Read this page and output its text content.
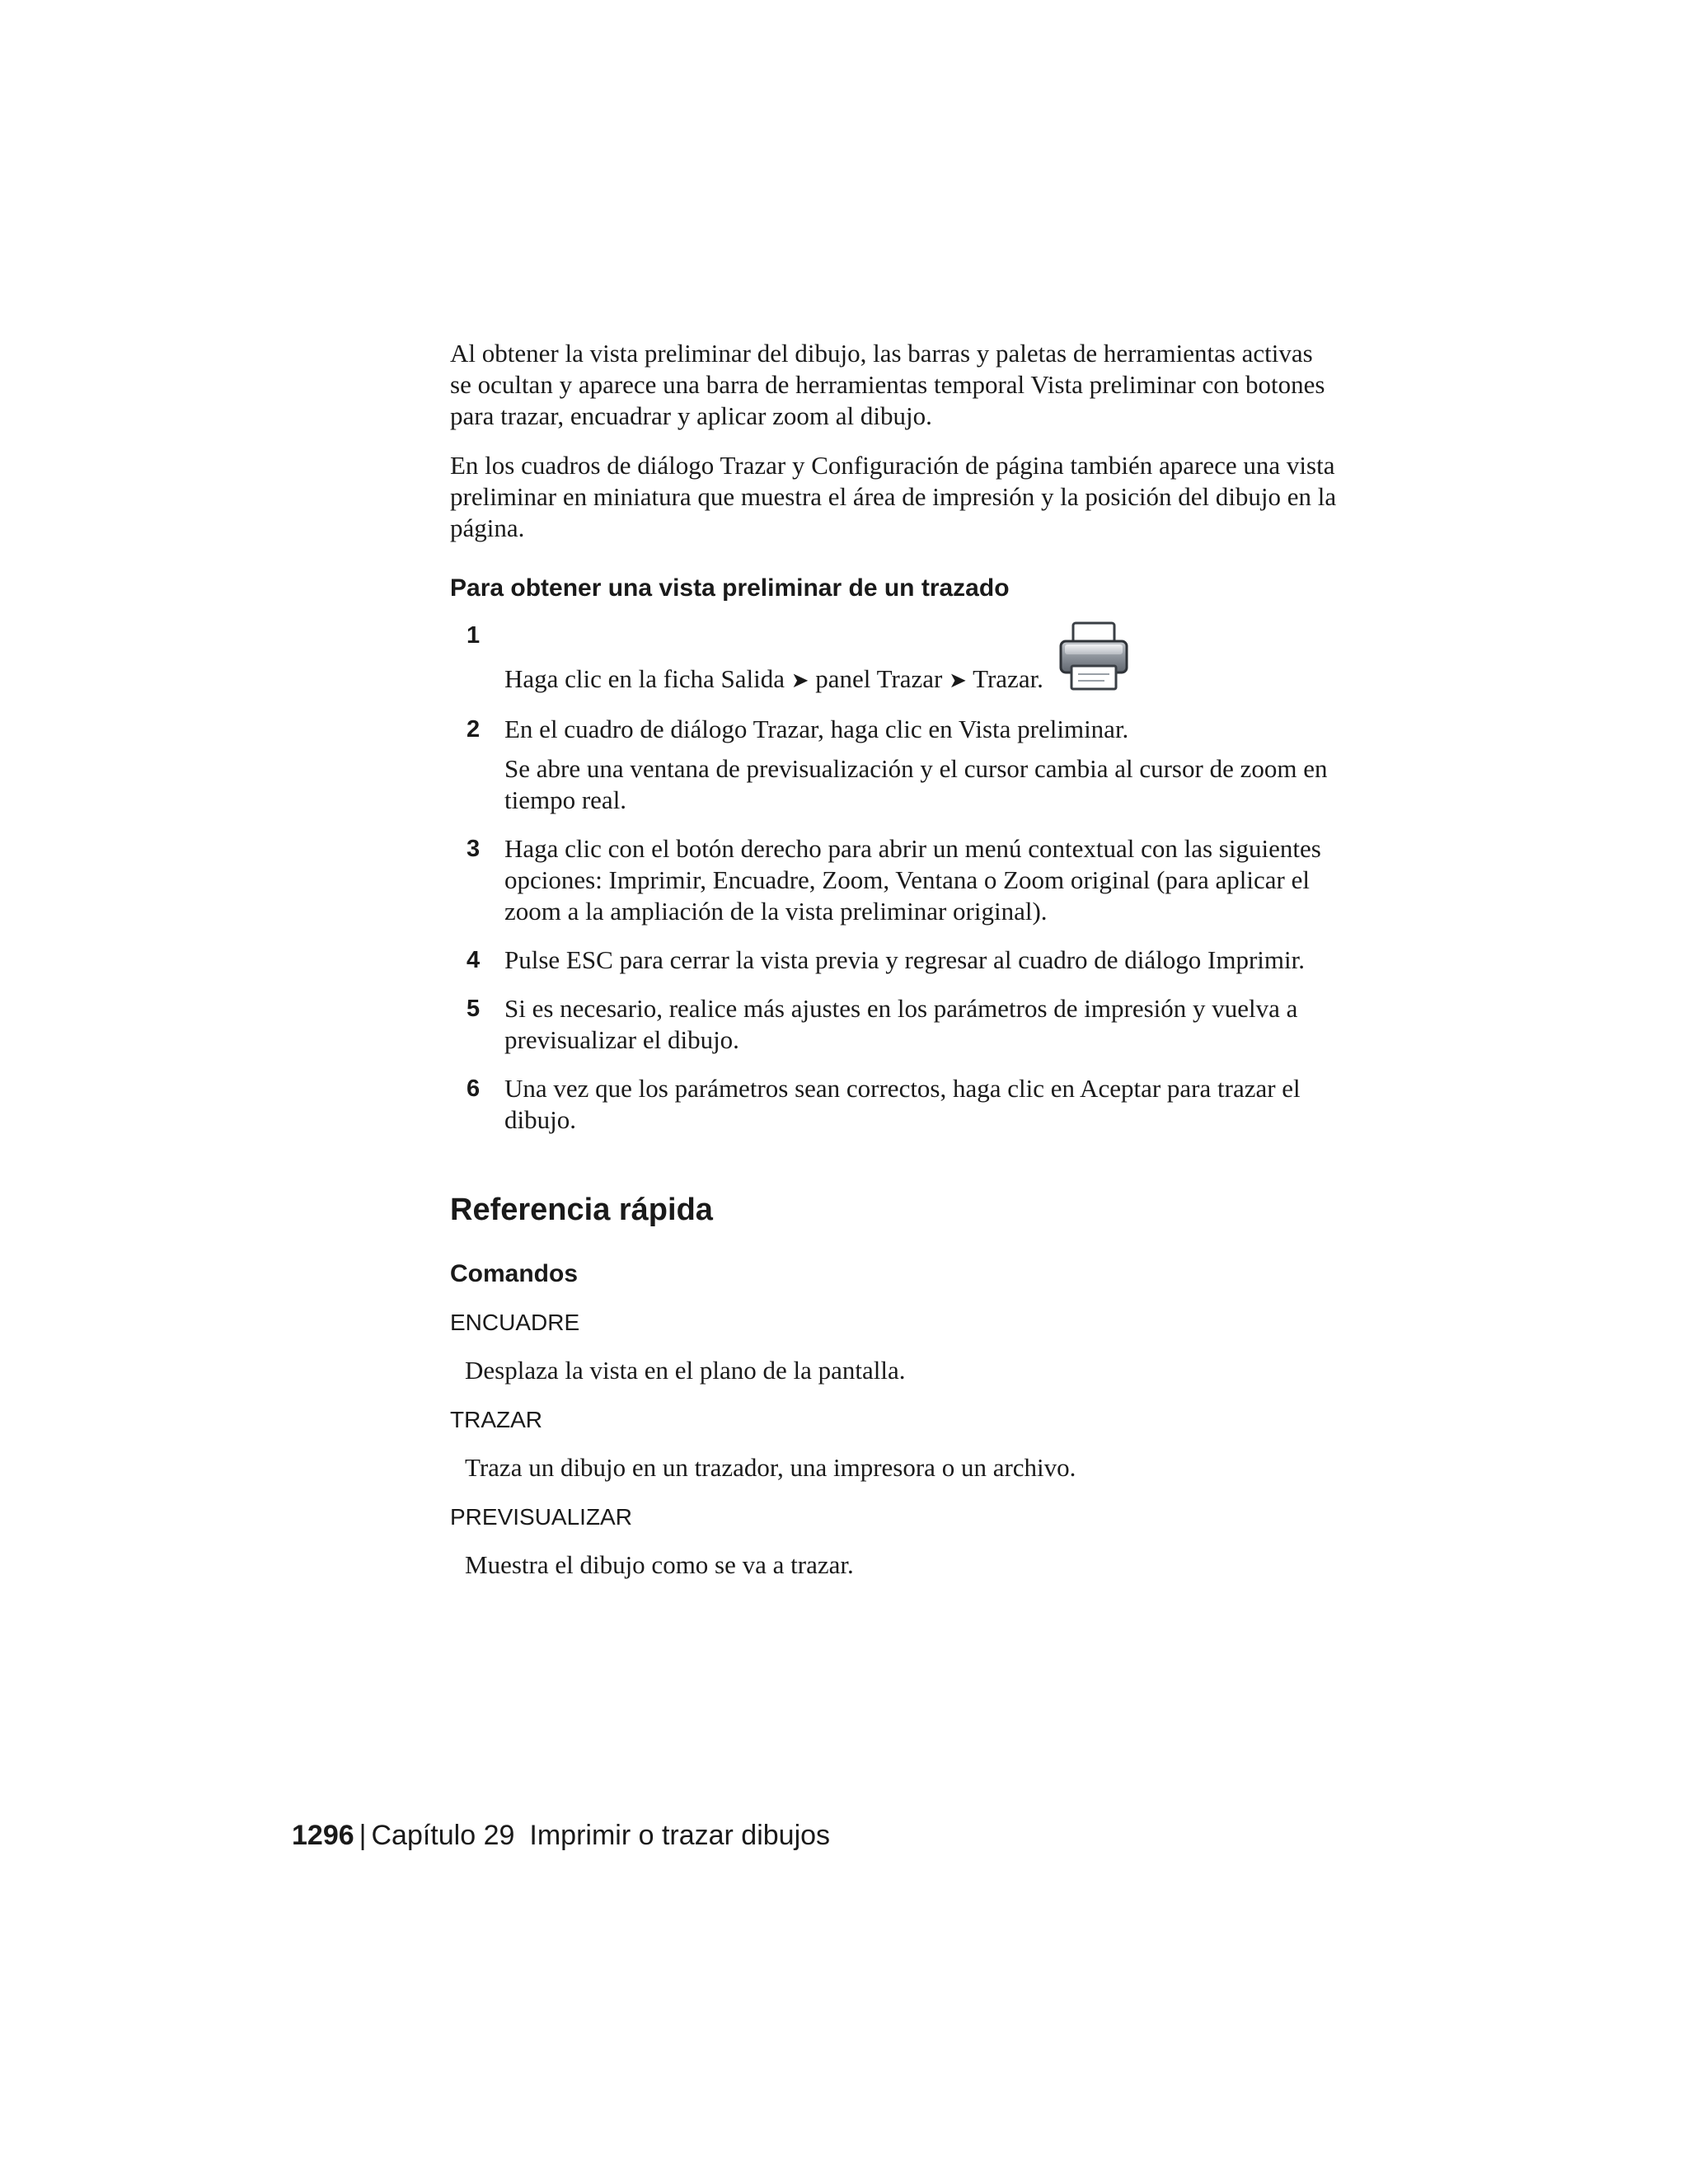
Al obtener la vista preliminar del dibujo, las barras y paletas de herramientas activas se ocultan y aparece una barra de herramientas temporal Vista preliminar con botones para trazar, encuadrar y aplicar zoom al dibujo.

En los cuadros de diálogo Trazar y Configuración de página también aparece una vista preliminar en miniatura que muestra el área de impresión y la posición del dibujo en la página.

Para obtener una vista preliminar de un trazado
1
Haga clic en la ficha Salida ➤ panel Trazar ➤ Trazar.
2 En el cuadro de diálogo Trazar, haga clic en Vista preliminar.
Se abre una ventana de previsualización y el cursor cambia al cursor de zoom en tiempo real.
3 Haga clic con el botón derecho para abrir un menú contextual con las siguientes opciones: Imprimir, Encuadre, Zoom, Ventana o Zoom original (para aplicar el zoom a la ampliación de la vista preliminar original).
4 Pulse ESC para cerrar la vista previa y regresar al cuadro de diálogo Imprimir.
5 Si es necesario, realice más ajustes en los parámetros de impresión y vuelva a previsualizar el dibujo.
6 Una vez que los parámetros sean correctos, haga clic en Aceptar para trazar el dibujo.
Referencia rápida
Comandos
ENCUADRE
Desplaza la vista en el plano de la pantalla.
TRAZAR
Traza un dibujo en un trazador, una impresora o un archivo.
PREVISUALIZAR
Muestra el dibujo como se va a trazar.
1296 | Capítulo 29 Imprimir o trazar dibujos
